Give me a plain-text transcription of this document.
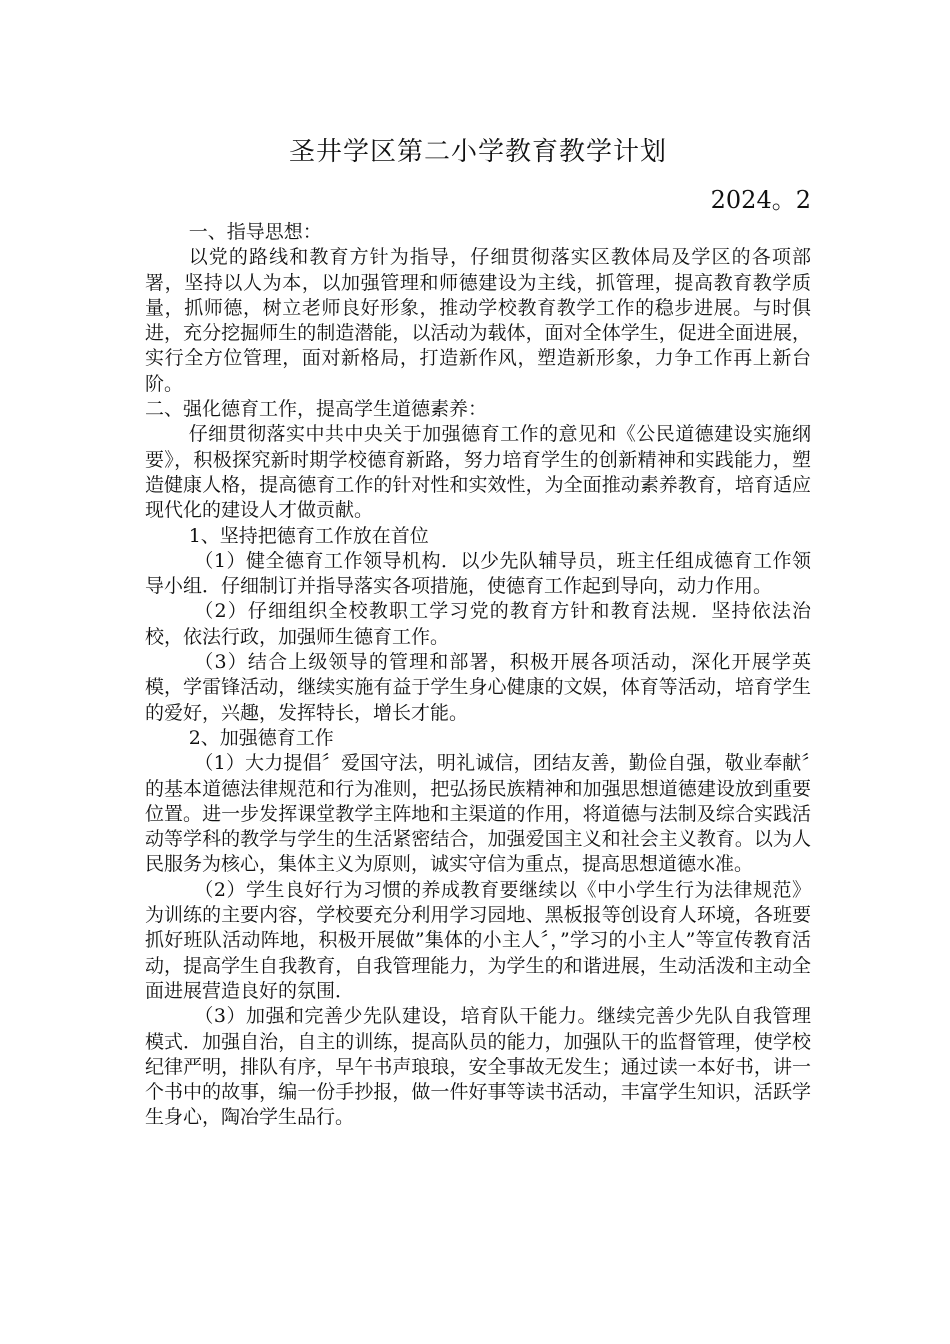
圣井学区第二小学教育教学计划
2024。2

一、指导思想：

以党的路线和教育方针为指导，仔细贯彻落实区教体局及学区的各项部署，坚持以人为本，以加强管理和师德建设为主线，抓管理，提高教育教学质量，抓师德，树立老师良好形象，推动学校教育教学工作的稳步进展。与时俱进，充分挖掘师生的制造潜能，以活动为载体，面对全体学生，促进全面进展，实行全方位管理，面对新格局，打造新作风，塑造新形象，力争工作再上新台阶。

二、强化德育工作，提高学生道德素养：

仔细贯彻落实中共中央关于加强德育工作的意见和《公民道德建设实施纲要》，积极探究新时期学校德育新路，努力培育学生的创新精神和实践能力，塑造健康人格，提高德育工作的针对性和实效性，为全面推动素养教育，培育适应现代化的建设人才做贡献。

1、坚持把德育工作放在首位

（1）健全德育工作领导机构．以少先队辅导员，班主任组成德育工作领导小组．仔细制订并指导落实各项措施，使德育工作起到导向，动力作用。

（2）仔细组织全校教职工学习党的教育方针和教育法规．坚持依法治校，依法行政，加强师生德育工作。

（3）结合上级领导的管理和部署，积极开展各项活动，深化开展学英模，学雷锋活动，继续实施有益于学生身心健康的文娱，体育等活动，培育学生的爱好，兴趣，发挥特长，增长才能。

2、加强德育工作

（1）大力提倡〞爱国守法，明礼诚信，团结友善，勤俭自强，敬业奉献〞的基本道德法律规范和行为准则，把弘扬民族精神和加强思想道德建设放到重要位置。进一步发挥课堂教学主阵地和主渠道的作用，将道德与法制及综合实践活动等学科的教学与学生的生活紧密结合，加强爱国主义和社会主义教育。以为人民服务为核心，集体主义为原则，诚实守信为重点，提高思想道德水准。

（2）学生良好行为习惯的养成教育要继续以《中小学生行为法律规范》为训练的主要内容，学校要充分利用学习园地、黑板报等创设育人环境，各班要抓好班队活动阵地，积极开展做”集体的小主人〞，”学习的小主人”等宣传教育活动，提高学生自我教育，自我管理能力，为学生的和谐进展，生动活泼和主动全面进展营造良好的氛围．

（3）加强和完善少先队建设，培育队干能力。继续完善少先队自我管理模式．加强自治，自主的训练，提高队员的能力，加强队干的监督管理，使学校纪律严明，排队有序，早午书声琅琅，安全事故无发生；通过读一本好书，讲一个书中的故事，编一份手抄报，做一件好事等读书活动，丰富学生知识，活跃学生身心，陶冶学生品行。
